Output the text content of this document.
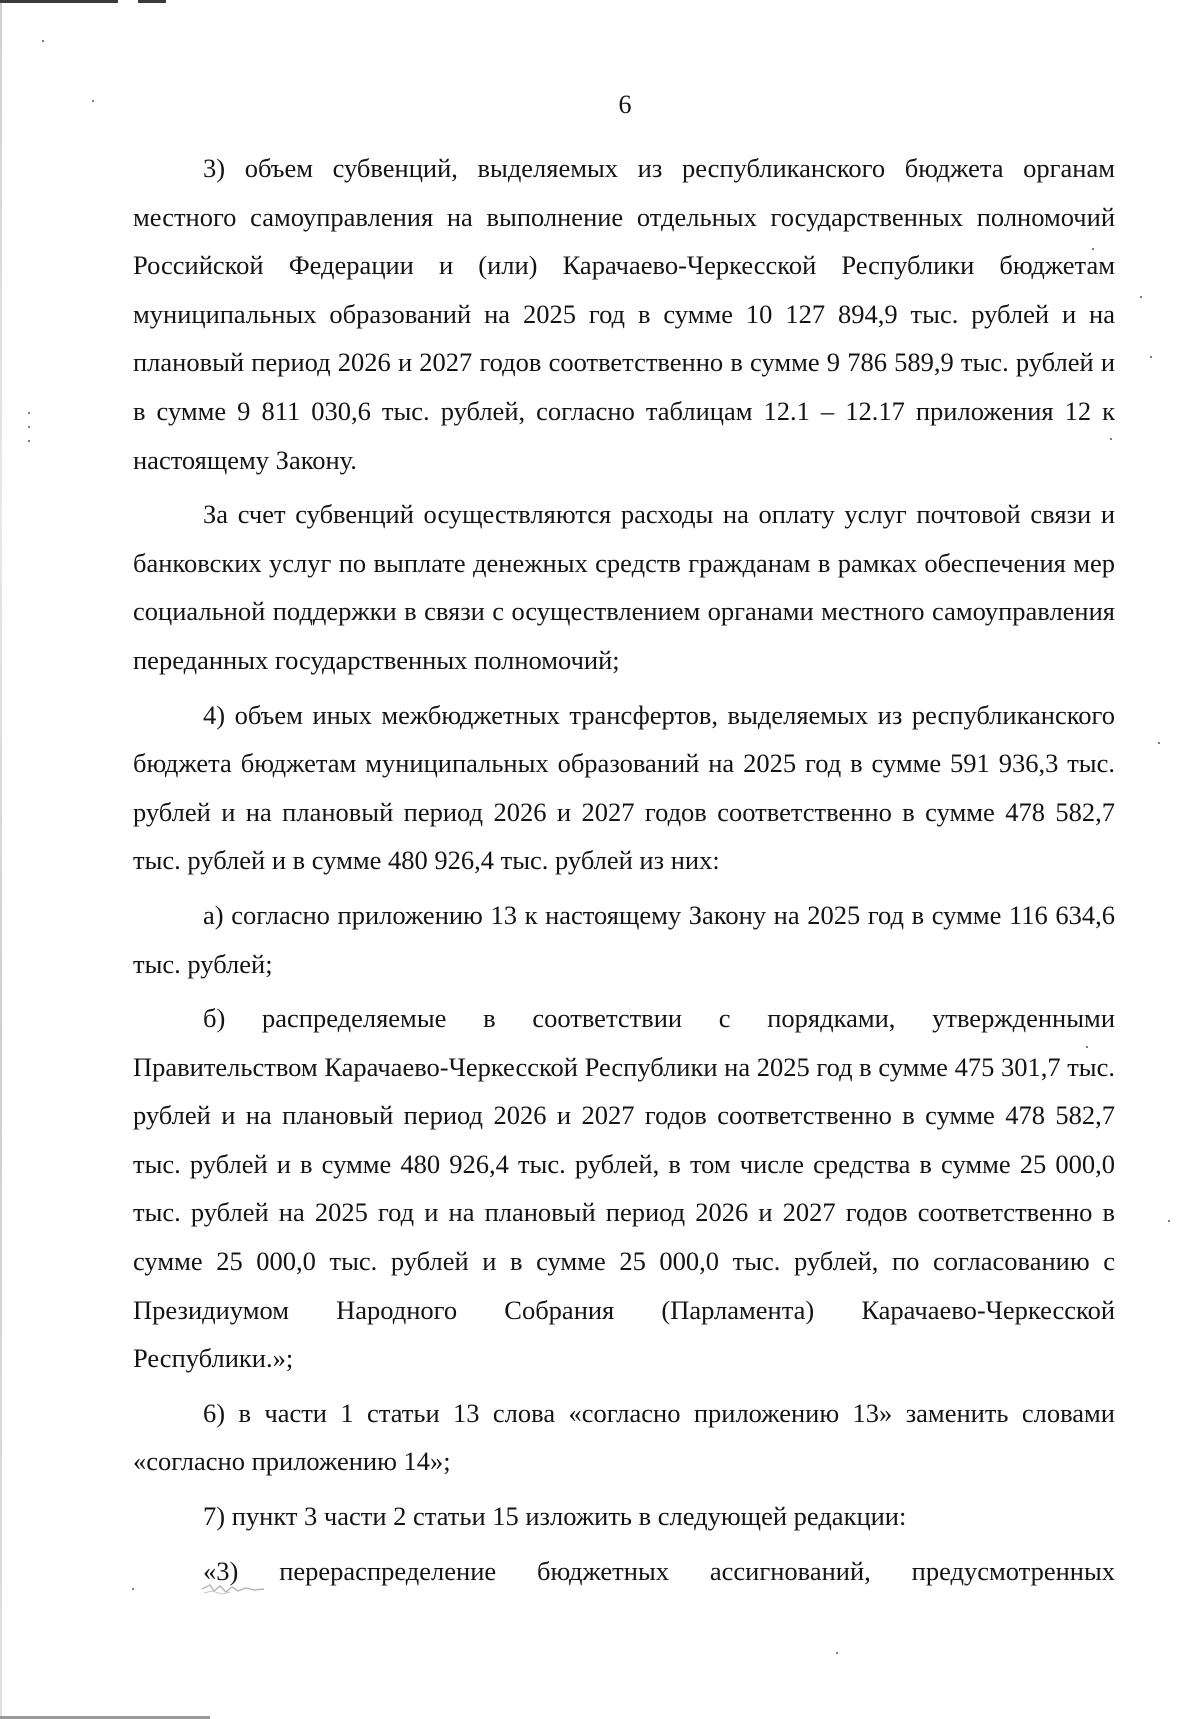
6

3) объем субвенций, выделяемых из республиканского бюджета органам местного самоуправления на выполнение отдельных государственных полномочий Российской Федерации и (или) Карачаево-Черкесской Республики бюджетам муниципальных образований на 2025 год в сумме 10 127 894,9 тыс. рублей и на плановый период 2026 и 2027 годов соответственно в сумме 9 786 589,9 тыс. рублей и в сумме 9 811 030,6 тыс. рублей, согласно таблицам 12.1 – 12.17 приложения 12 к настоящему Закону.

За счет субвенций осуществляются расходы на оплату услуг почтовой связи и банковских услуг по выплате денежных средств гражданам в рамках обеспечения мер социальной поддержки в связи с осуществлением органами местного самоуправления переданных государственных полномочий;

4) объем иных межбюджетных трансфертов, выделяемых из республиканского бюджета бюджетам муниципальных образований на 2025 год в сумме 591 936,3 тыс. рублей и на плановый период 2026 и 2027 годов соответственно в сумме 478 582,7 тыс. рублей и в сумме 480 926,4 тыс. рублей из них:

а) согласно приложению 13 к настоящему Закону на 2025 год в сумме 116 634,6 тыс. рублей;

б) распределяемые в соответствии с порядками, утвержденными Правительством Карачаево-Черкесской Республики на 2025 год в сумме 475 301,7 тыс. рублей и на плановый период 2026 и 2027 годов соответственно в сумме 478 582,7 тыс. рублей и в сумме 480 926,4 тыс. рублей, в том числе средства в сумме 25 000,0 тыс. рублей на 2025 год и на плановый период 2026 и 2027 годов соответственно в сумме 25 000,0 тыс. рублей и в сумме 25 000,0 тыс. рублей, по согласованию с Президиумом Народного Собрания (Парламента) Карачаево-Черкесской Республики.»;

6) в части 1 статьи 13 слова «согласно приложению 13» заменить словами «согласно приложению 14»;

7) пункт 3 части 2 статьи 15 изложить в следующей редакции:

«3) перераспределение бюджетных ассигнований, предусмотренных
